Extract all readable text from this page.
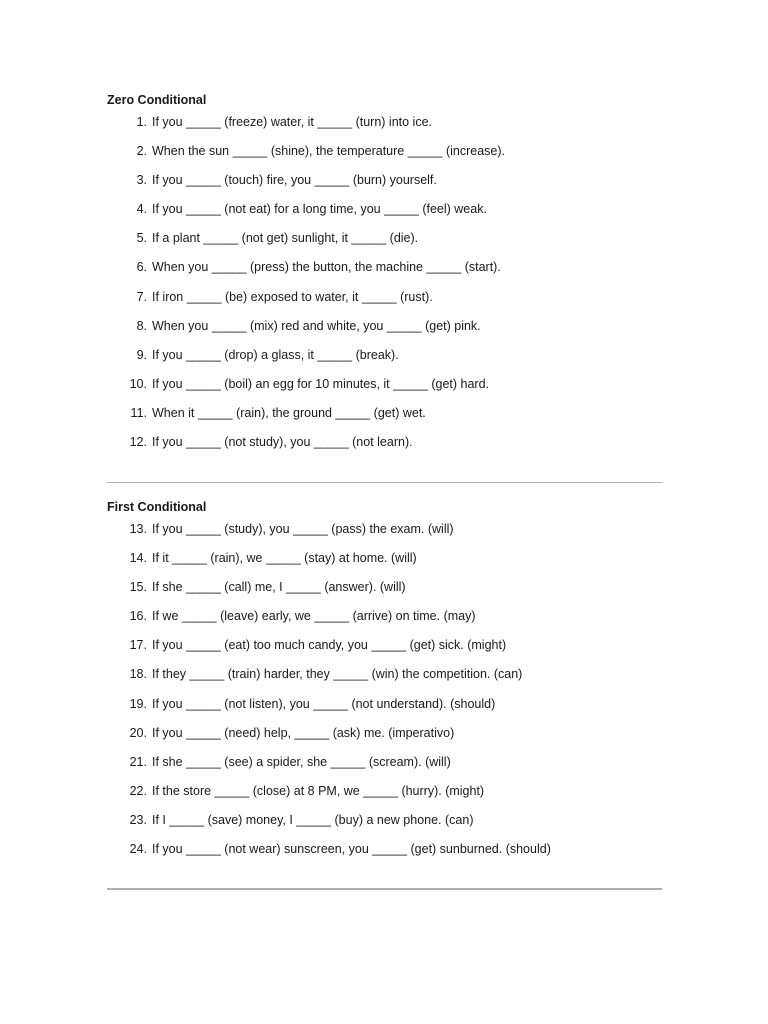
Zero Conditional
1. If you _____ (freeze) water, it _____ (turn) into ice.
2. When the sun _____ (shine), the temperature _____ (increase).
3. If you _____ (touch) fire, you _____ (burn) yourself.
4. If you _____ (not eat) for a long time, you _____ (feel) weak.
5. If a plant _____ (not get) sunlight, it _____ (die).
6. When you _____ (press) the button, the machine _____ (start).
7. If iron _____ (be) exposed to water, it _____ (rust).
8. When you _____ (mix) red and white, you _____ (get) pink.
9. If you _____ (drop) a glass, it _____ (break).
10. If you _____ (boil) an egg for 10 minutes, it _____ (get) hard.
11. When it _____ (rain), the ground _____ (get) wet.
12. If you _____ (not study), you _____ (not learn).
First Conditional
13. If you _____ (study), you _____ (pass) the exam. (will)
14. If it _____ (rain), we _____ (stay) at home. (will)
15. If she _____ (call) me, I _____ (answer). (will)
16. If we _____ (leave) early, we _____ (arrive) on time. (may)
17. If you _____ (eat) too much candy, you _____ (get) sick. (might)
18. If they _____ (train) harder, they _____ (win) the competition. (can)
19. If you _____ (not listen), you _____ (not understand). (should)
20. If you _____ (need) help, _____ (ask) me. (imperativo)
21. If she _____ (see) a spider, she _____ (scream). (will)
22. If the store _____ (close) at 8 PM, we _____ (hurry). (might)
23. If I _____ (save) money, I _____ (buy) a new phone. (can)
24. If you _____ (not wear) sunscreen, you _____ (get) sunburned. (should)
